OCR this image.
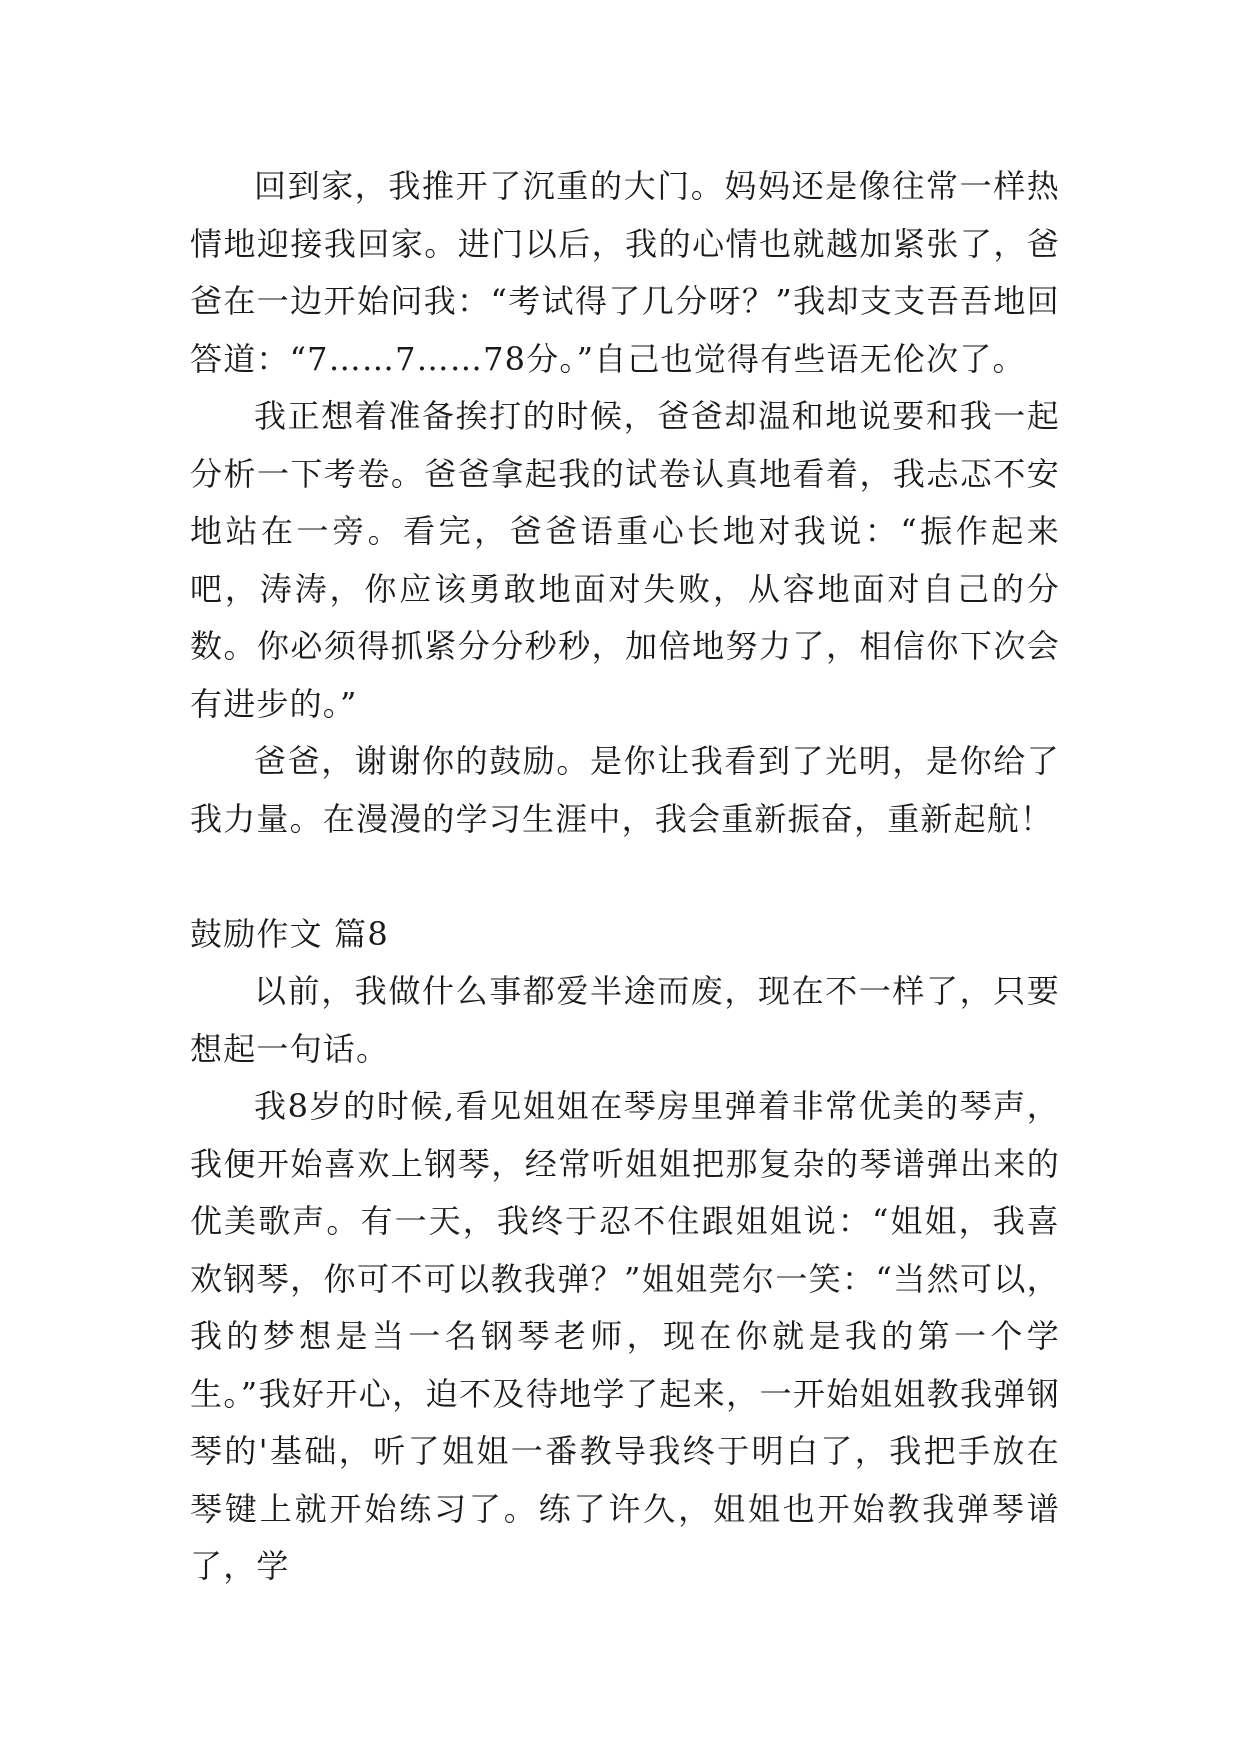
回到家，我推开了沉重的大门。妈妈还是像往常一样热情地迎接我回家。进门以后，我的心情也就越加紧张了，爸爸在一边开始问我：“考试得了几分呀？”我却支支吾吾地回答道：“7……7……78分。”自己也觉得有些语无伦次了。

我正想着准备挨打的时候，爸爸却温和地说要和我一起分析一下考卷。爸爸拿起我的试卷认真地看着，我忐忑不安地站在一旁。看完，爸爸语重心长地对我说：“振作起来吧，涛涛，你应该勇敢地面对失败，从容地面对自己的分数。你必须得抓紧分分秒秒，加倍地努力了，相信你下次会有进步的。”

爸爸，谢谢你的鼓励。是你让我看到了光明，是你给了我力量。在漫漫的学习生涯中，我会重新振奋，重新起航！

鼓励作文 篇8

以前，我做什么事都爱半途而废，现在不一样了，只要想起一句话。

我8岁的时候,看见姐姐在琴房里弹着非常优美的琴声，我便开始喜欢上钢琴，经常听姐姐把那复杂的琴谱弹出来的优美歌声。有一天，我终于忍不住跟姐姐说：“姐姐，我喜欢钢琴，你可不可以教我弹？”姐姐莞尔一笑：“当然可以，我的梦想是当一名钢琴老师，现在你就是我的第一个学生。”我好开心，迫不及待地学了起来，一开始姐姐教我弹钢琴的'基础，听了姐姐一番教导我终于明白了，我把手放在琴键上就开始练习了。练了许久，姐姐也开始教我弹琴谱了，学
